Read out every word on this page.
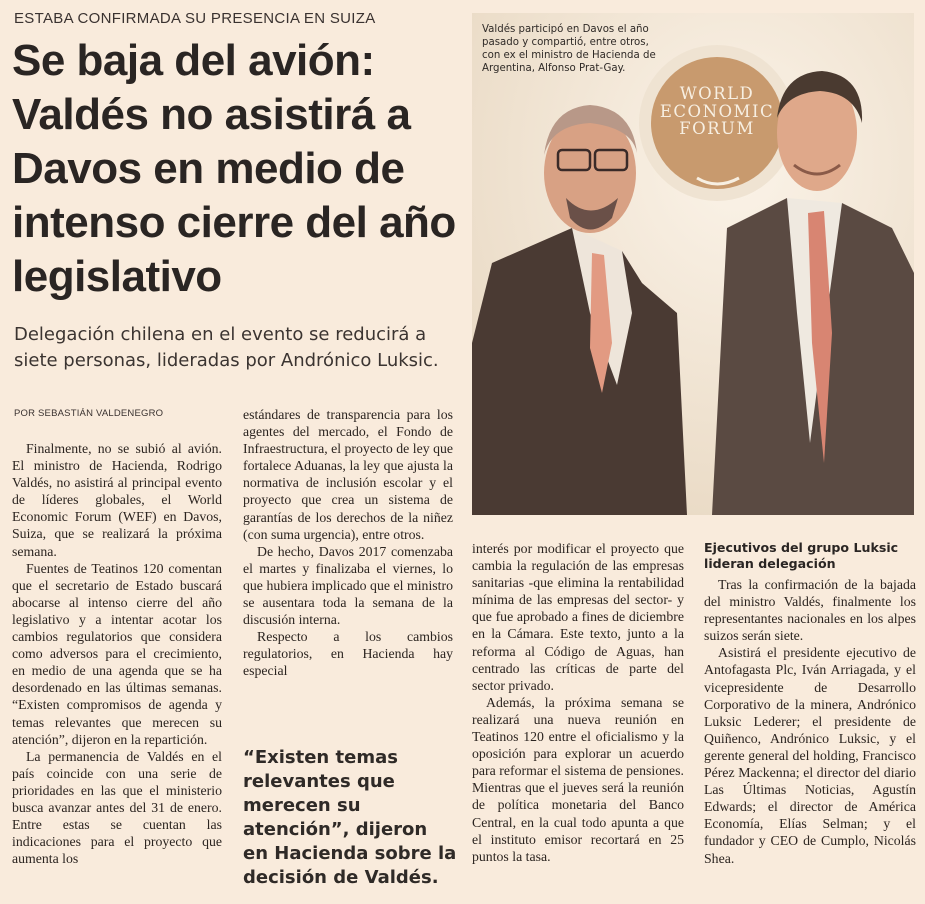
ESTABA CONFIRMADA SU PRESENCIA EN SUIZA
Se baja del avión: Valdés no asistirá a Davos en medio de intenso cierre del año legislativo
Delegación chilena en el evento se reducirá a siete personas, lideradas por Andrónico Luksic.
POR SEBASTIÁN VALDENEGRO
WORLD ECONOMIC FORUM
Valdés participó en Davos el año pasado y compartió, entre otros, con ex el ministro de Hacienda de Argentina, Alfonso Prat-Gay.

Finalmente, no se subió al avión. El ministro de Hacienda, Rodrigo Valdés, no asistirá al principal evento de líderes globales, el World Economic Forum (WEF) en Davos, Suiza, que se realizará la próxima semana.

Fuentes de Teatinos 120 comentan que el secretario de Estado buscará abocarse al intenso cierre del año legislativo y a intentar acotar los cambios regulatorios que considera como adversos para el crecimiento, en medio de una agenda que se ha desordenado en las últimas semanas. “Existen compromisos de agenda y temas relevantes que merecen su atención”, dijeron en la repartición.

La permanencia de Valdés en el país coincide con una serie de prioridades en las que el ministerio busca avanzar antes del 31 de enero. Entre estas se cuentan las indicaciones para el proyecto que aumenta los

estándares de transparencia para los agentes del mercado, el Fondo de Infraestructura, el proyecto de ley que fortalece Aduanas, la ley que ajusta la normativa de inclusión escolar y el proyecto que crea un sistema de garantías de los derechos de la niñez (con suma urgencia), entre otros.

De hecho, Davos 2017 comenzaba el martes y finalizaba el viernes, lo que hubiera implicado que el ministro se ausentara toda la semana de la discusión interna.

Respecto a los cambios regulatorios, en Hacienda hay especial

“Existen temas relevantes que merecen su atención”, dijeron en Hacienda sobre la decisión de Valdés.

interés por modificar el proyecto que cambia la regulación de las empresas sanitarias -que elimina la rentabilidad mínima de las empresas del sector- y que fue aprobado a fines de diciembre en la Cámara. Este texto, junto a la reforma al Código de Aguas, han centrado las críticas de parte del sector privado.

Además, la próxima semana se realizará una nueva reunión en Teatinos 120 entre el oficialismo y la oposición para explorar un acuerdo para reformar el sistema de pensiones. Mientras que el jueves será la reunión de política monetaria del Banco Central, en la cual todo apunta a que el instituto emisor recortará en 25 puntos la tasa.

Ejecutivos del grupo Luksic lideran delegación

Tras la confirmación de la bajada del ministro Valdés, finalmente los representantes nacionales en los alpes suizos serán siete.

Asistirá el presidente ejecutivo de Antofagasta Plc, Iván Arriagada, y el vicepresidente de Desarrollo Corporativo de la minera, Andrónico Luksic Lederer; el presidente de Quiñenco, Andrónico Luksic, y el gerente general del holding, Francisco Pérez Mackenna; el director del diario Las Últimas Noticias, Agustín Edwards; el director de América Economía, Elías Selman; y el fundador y CEO de Cumplo, Nicolás Shea.
